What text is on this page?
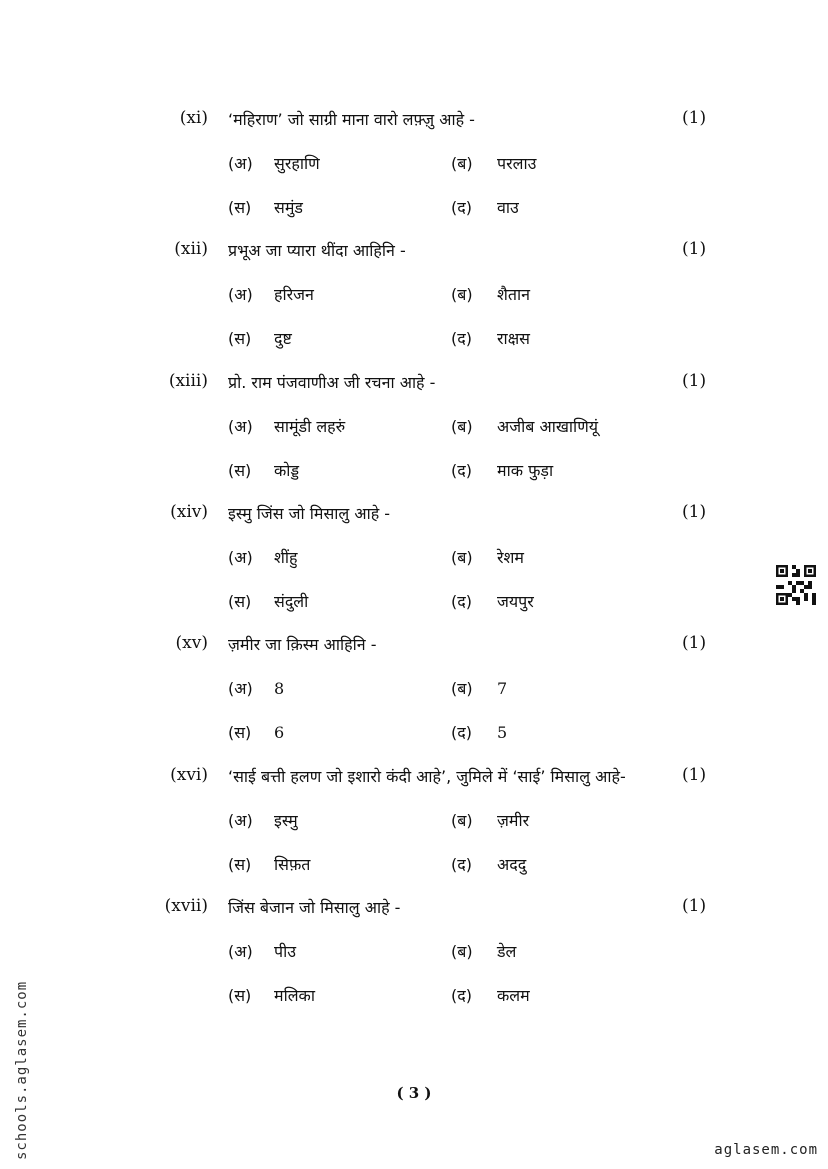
(xi) ‘महिराण’ जो साग्री माना वारो लफ़्ज़ु आहे -	(1)
(अ) सुरहाणि	(ब) परलाउ
(स) समुंड	(द) वाउ
(xii) प्रभूअ जा प्यारा थींदा आहिनि -	(1)
(अ) हरिजन	(ब) शैतान
(स) दुष्ट	(द) राक्षस
(xiii) प्रो. राम पंजवाणीअ जी रचना आहे -	(1)
(अ) सामूंडी लहरुं	(ब) अजीब आखाणियूं
(स) कोड्ड	(द) माक फुड़ा
(xiv) इस्मु जिंस जो मिसालु आहे -	(1)
(अ) शींहु	(ब) रेशम
(स) संदुली	(द) जयपुर
(xv) ज़मीर जा क़िस्म आहिनि -	(1)
(अ) 8	(ब) 7
(स) 6	(द) 5
(xvi) ‘साई बत्ती हलण जो इशारो कंदी आहे’, जुमिले में ‘साई’ मिसालु आहे-	(1)
(अ) इस्मु	(ब) ज़मीर
(स) सिफ़त	(द) अददु
(xvii) जिंस बेजान जो मिसालु आहे -	(1)
(अ) पीउ	(ब) डेल
(स) मलिका	(द) कलम
( 3 )
schools.aglasem.com	aglasem.com
